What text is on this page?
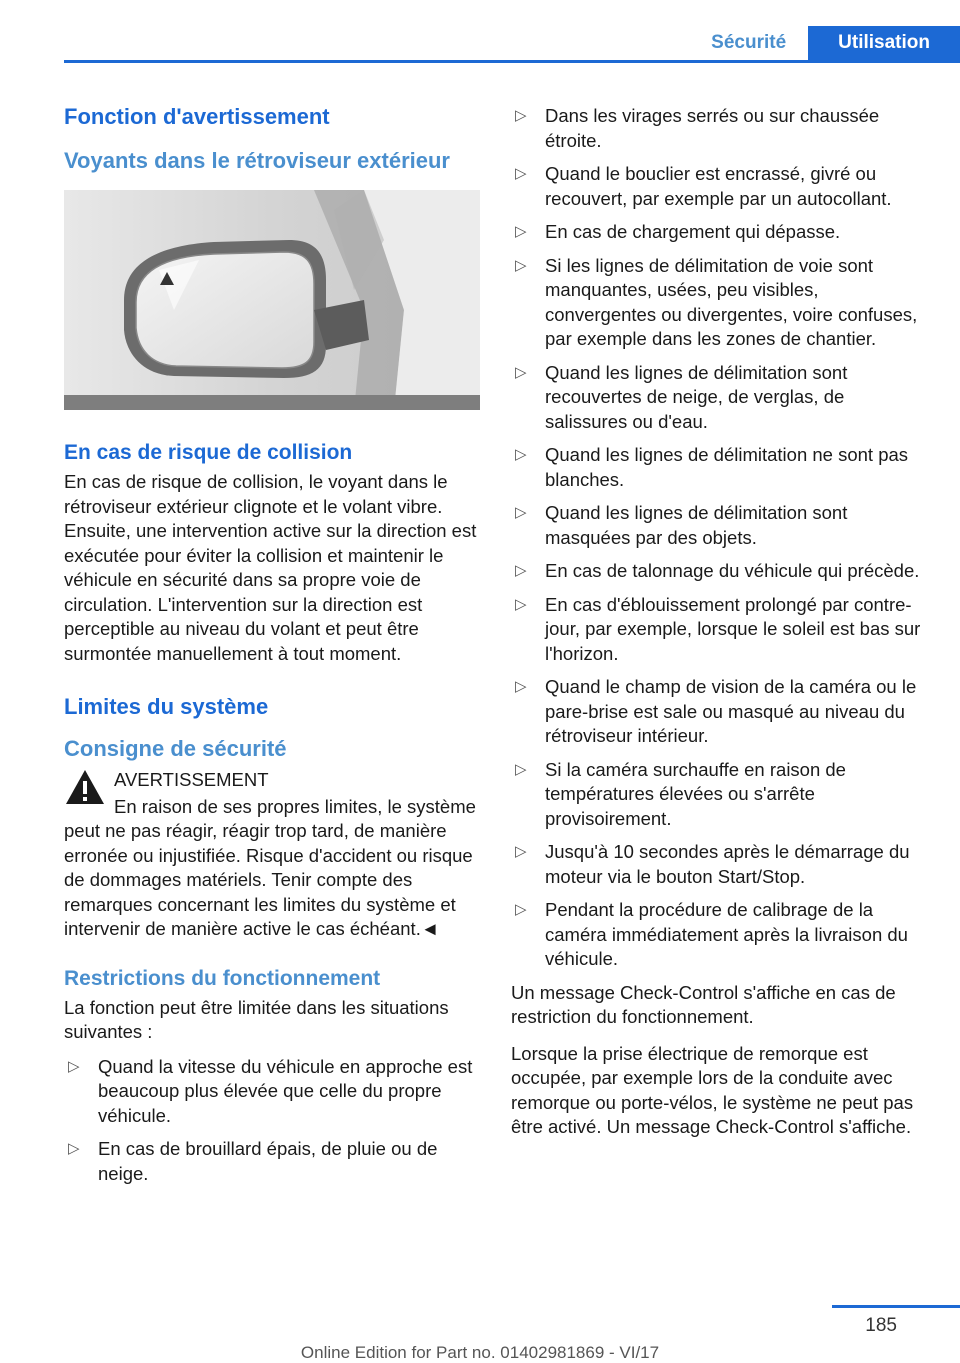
Sécurité	Utilisation
Fonction d'avertissement
Voyants dans le rétroviseur extérieur
En cas de risque de collision

En cas de risque de collision, le voyant dans le rétroviseur extérieur clignote et le volant vibre. Ensuite, une intervention active sur la direction est exécutée pour éviter la collision et maintenir le véhicule en sécurité dans sa propre voie de circulation. L'intervention sur la direction est perceptible au niveau du volant et peut être surmontée manuellement à tout moment.

Limites du système
Consigne de sécurité
AVERTISSEMENT

En raison de ses propres limites, le système peut ne pas réagir, réagir trop tard, de manière erronée ou injustifiée. Risque d'accident ou risque de dommages matériels. Tenir compte des remarques concernant les limites du système et intervenir de manière active le cas échéant.◄

Restrictions du fonctionnement

La fonction peut être limitée dans les situations suivantes :

▷ Quand la vitesse du véhicule en approche est beaucoup plus élevée que celle du propre véhicule.
▷ En cas de brouillard épais, de pluie ou de neige.
▷ Dans les virages serrés ou sur chaussée étroite.
▷ Quand le bouclier est encrassé, givré ou recouvert, par exemple par un autocollant.
▷ En cas de chargement qui dépasse.
▷ Si les lignes de délimitation de voie sont manquantes, usées, peu visibles, convergentes ou divergentes, voire confuses, par exemple dans les zones de chantier.
▷ Quand les lignes de délimitation sont recouvertes de neige, de verglas, de salissures ou d'eau.
▷ Quand les lignes de délimitation ne sont pas blanches.
▷ Quand les lignes de délimitation sont masquées par des objets.
▷ En cas de talonnage du véhicule qui précède.
▷ En cas d'éblouissement prolongé par contre-jour, par exemple, lorsque le soleil est bas sur l'horizon.
▷ Quand le champ de vision de la caméra ou le pare-brise est sale ou masqué au niveau du rétroviseur intérieur.
▷ Si la caméra surchauffe en raison de températures élevées ou s'arrête provisoirement.
▷ Jusqu'à 10 secondes après le démarrage du moteur via le bouton Start/Stop.
▷ Pendant la procédure de calibrage de la caméra immédiatement après la livraison du véhicule.

Un message Check-Control s'affiche en cas de restriction du fonctionnement.

Lorsque la prise électrique de remorque est occupée, par exemple lors de la conduite avec remorque ou porte-vélos, le système ne peut pas être activé. Un message Check-Control s'affiche.

185
Online Edition for Part no. 01402981869 - VI/17
